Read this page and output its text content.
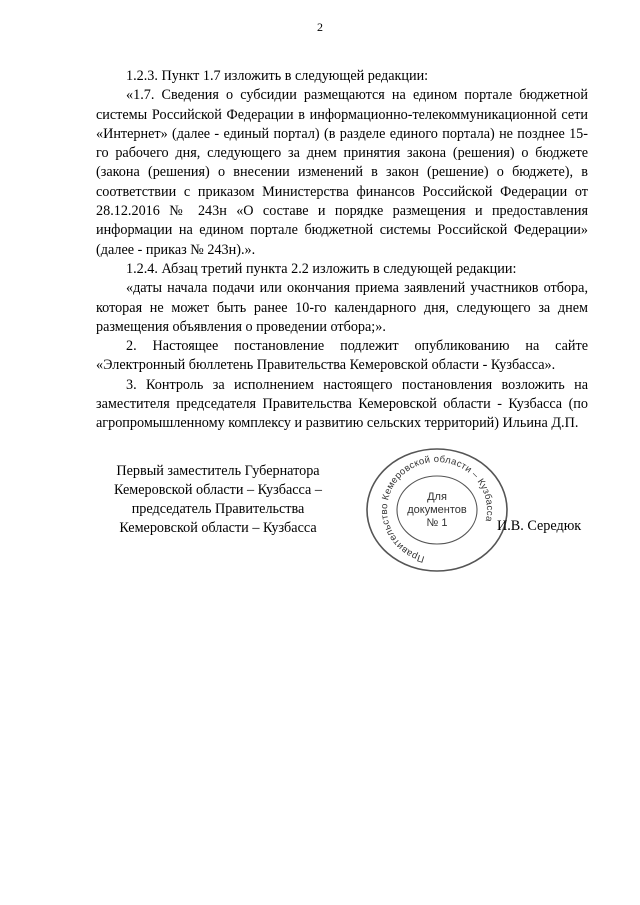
2

1.2.3. Пункт 1.7 изложить в следующей редакции:

«1.7. Сведения о субсидии размещаются на едином портале бюджетной системы Российской Федерации в информационно-телекоммуникационной сети «Интернет» (далее - единый портал) (в разделе единого портала) не позднее 15-го рабочего дня, следующего за днем принятия закона (решения) о бюджете (закона (решения) о внесении изменений в закон (решение) о бюджете), в соответствии с приказом Министерства финансов Российской Федерации от 28.12.2016 № 243н «О составе и порядке размещения и предоставления информации на едином портале бюджетной системы Российской Федерации» (далее - приказ № 243н).».

1.2.4. Абзац третий пункта 2.2 изложить в следующей редакции:

«даты начала подачи или окончания приема заявлений участников отбора, которая не может быть ранее 10-го календарного дня, следующего за днем размещения объявления о проведении отбора;».

2. Настоящее постановление подлежит опубликованию на сайте «Электронный бюллетень Правительства Кемеровской области - Кузбасса».

3. Контроль за исполнением настоящего постановления возложить на заместителя председателя Правительства Кемеровской области - Кузбасса (по агропромышленному комплексу и развитию сельских территорий) Ильина Д.П.

Первый заместитель Губернатора
Кемеровской области – Кузбасса –
председатель Правительства
Кемеровской области – Кузбасса
Правительство Кемеровской области – Кузбасса
Для
документов
№ 1	И.В. Середюк
